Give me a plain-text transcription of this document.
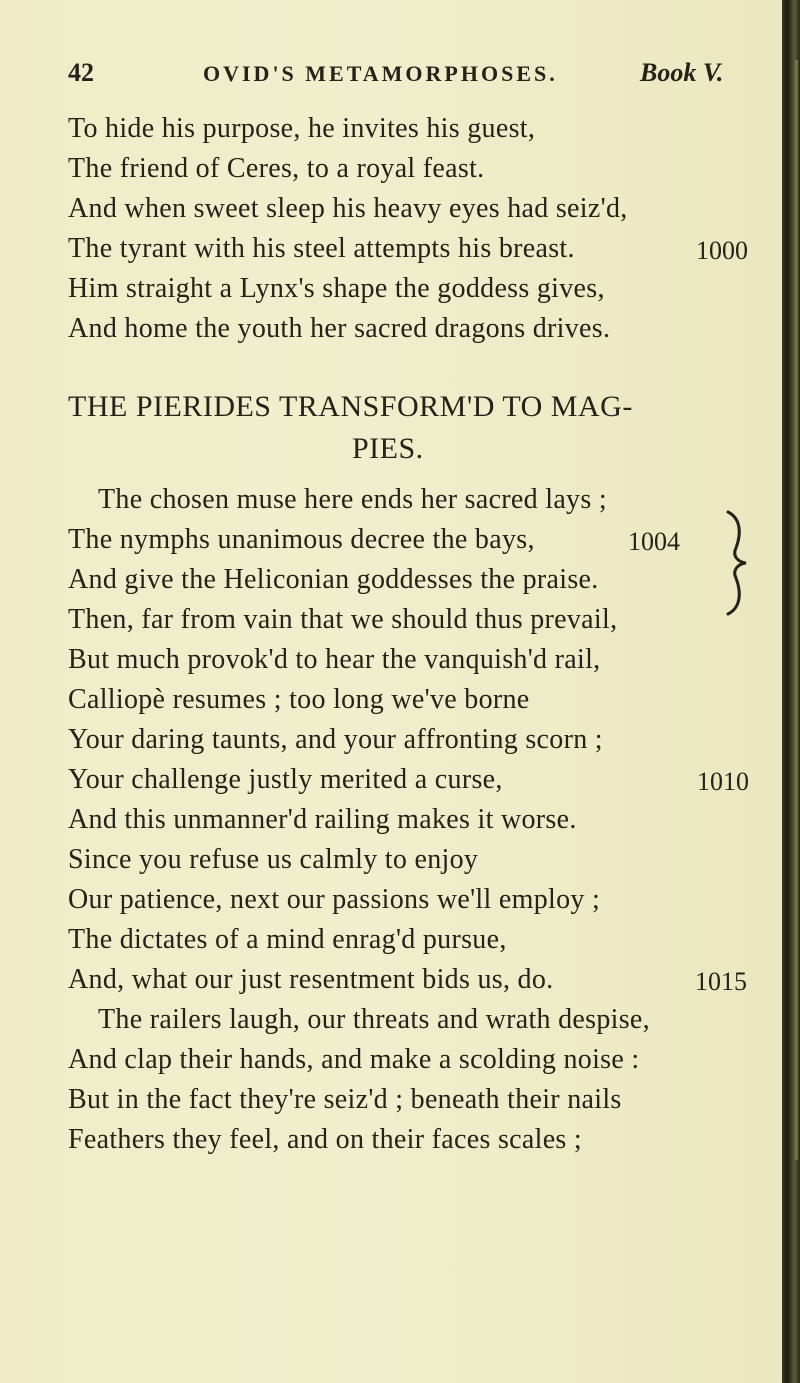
42	OVID'S METAMORPHOSES.	Book V.
To hide his purpose, he invites his guest,
The friend of Ceres, to a royal feast.
And when sweet sleep his heavy eyes had seiz'd,
The tyrant with his steel attempts his breast.	1000
Him straight a Lynx's shape the goddess gives,
And home the youth her sacred dragons drives.
THE PIERIDES TRANSFORM'D TO MAG-
PIES.
The chosen muse here ends her sacred lays ;
The nymphs unanimous decree the bays,	1004
And give the Heliconian goddesses the praise.
Then, far from vain that we should thus prevail,
But much provok'd to hear the vanquish'd rail,
Calliopè resumes ; too long we've borne
Your daring taunts, and your affronting scorn ;
Your challenge justly merited a curse,	1010
And this unmanner'd railing makes it worse.
Since you refuse us calmly to enjoy
Our patience, next our passions we'll employ ;
The dictates of a mind enrag'd pursue,
And, what our just resentment bids us, do.	1015
The railers laugh, our threats and wrath despise,
And clap their hands, and make a scolding noise :
But in the fact they're seiz'd ; beneath their nails
Feathers they feel, and on their faces scales ;
